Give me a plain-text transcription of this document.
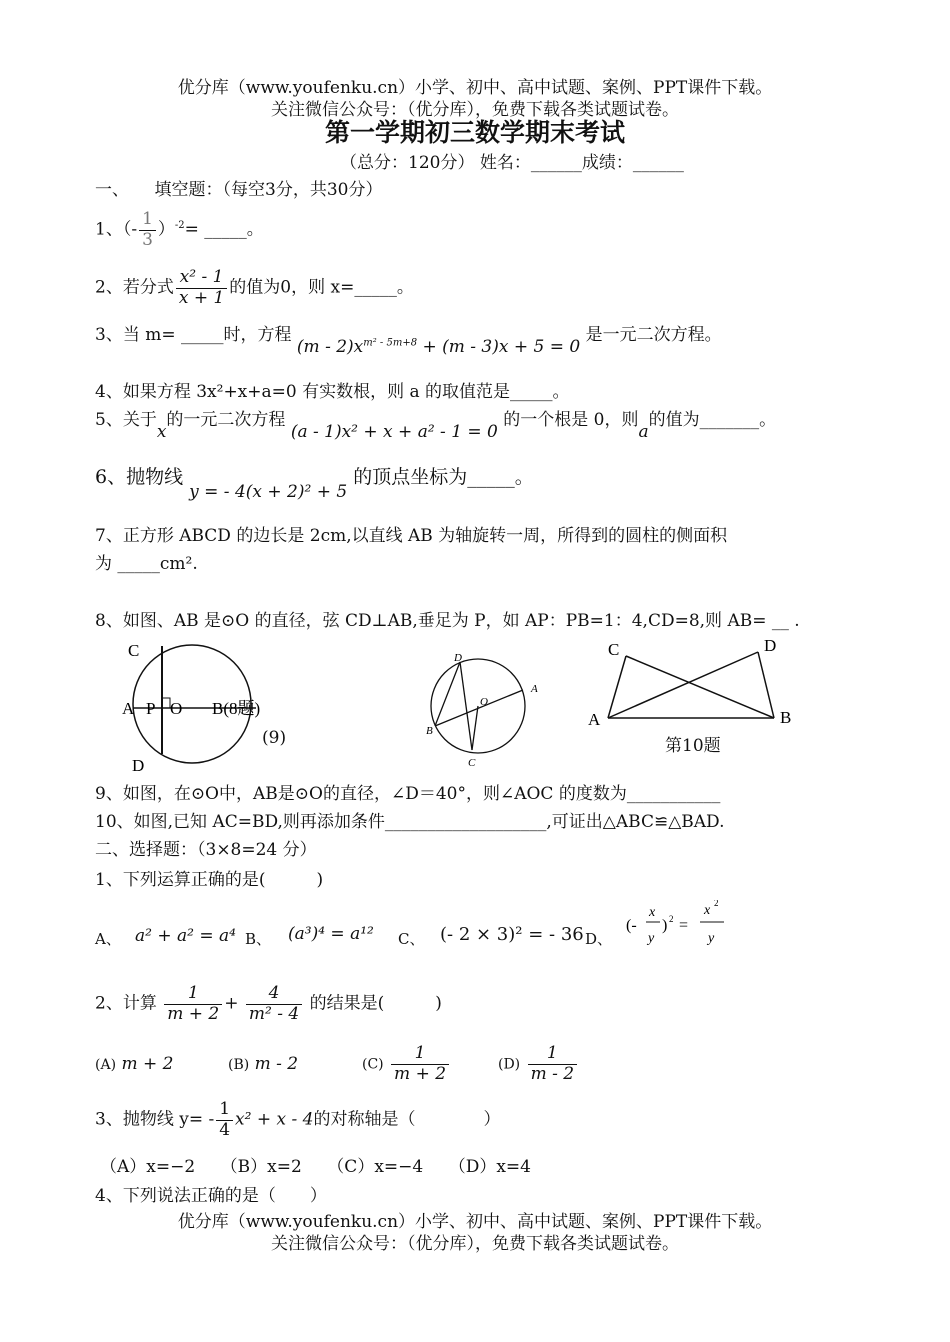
优分库（www.youfenku.cn）小学、初中、高中试题、案例、PPT课件下载。
关注微信公众号：（优分库），免费下载各类试题试卷。
第一学期初三数学期末考试
（总分：120分） 姓名：______成绩：______
一、　　填空题：（每空3分，共30分）
1、（- $\frac{1}{3} )^{-2}=$ _____。
2、若分式 $\frac{\text{x² - 1}}{x + 1}$ 的值为0，则 x=_____。
3、当 m= _____时，方程 $(m - 2)x^{m^2 - 5m+8} + (m - 3)x + 5 = 0$ 是一元二次方程。
4、如果方程 3x²+x+a=0 有实数根，则 a 的取值范是_____。
5、关于x的一元二次方程 (a - 1)x² + x + a² - 1 = 0 的一个根是 0，则a的值为_______。
6、抛物线 y = - 4(x + 2)² + 5 的顶点坐标为_____。
7、正方形 ABCD 的边长是 2cm,以直线 AB 为轴旋转一周，所得到的圆柱的侧面积
为 _____cm².
8、如图、AB 是⊙O 的直径，弦 CD⊥AB,垂足为 P，如 AP：PB=1：4,CD=8,则 AB= __ .
C
A P O B(8题)
D
(9)
D
A
O
B
C
C	D
A	B
第10题
9、如图，在⊙O中，AB是⊙O的直径，∠D＝40°，则∠AOC 的度数为___________
10、如图,已知 AC=BD,则再添加条件___________________,可证出△ABC≌△BAD.
二、选择题：（3×8=24 分）
1、下列运算正确的是(　　　)
A、 a² + a² = a⁴ B、 (a³)⁴ = a¹² C、 (- 2 × 3)² = - 36 D、
(-
x
y
) 2 =
x 2
y
2、计算 $\frac{1}{m + 2} + \frac{4}{\text{m² - 4}}$ 的结果是(　　　)
(A) m + 2	(B) m - 2	$(C) \frac{1}{m + 2}$	$(D) \frac{1}{m - 2}$
3、抛物线 $y= - \frac{1}{4} x^2 + x - 4$的对称轴是（　　　　）
（A）x=−2　　（B）x=2　　（C）x=−4　　（D）x=4
4、下列说法正确的是（　　）
优分库（www.youfenku.cn）小学、初中、高中试题、案例、PPT课件下载。
关注微信公众号：（优分库），免费下载各类试题试卷。
